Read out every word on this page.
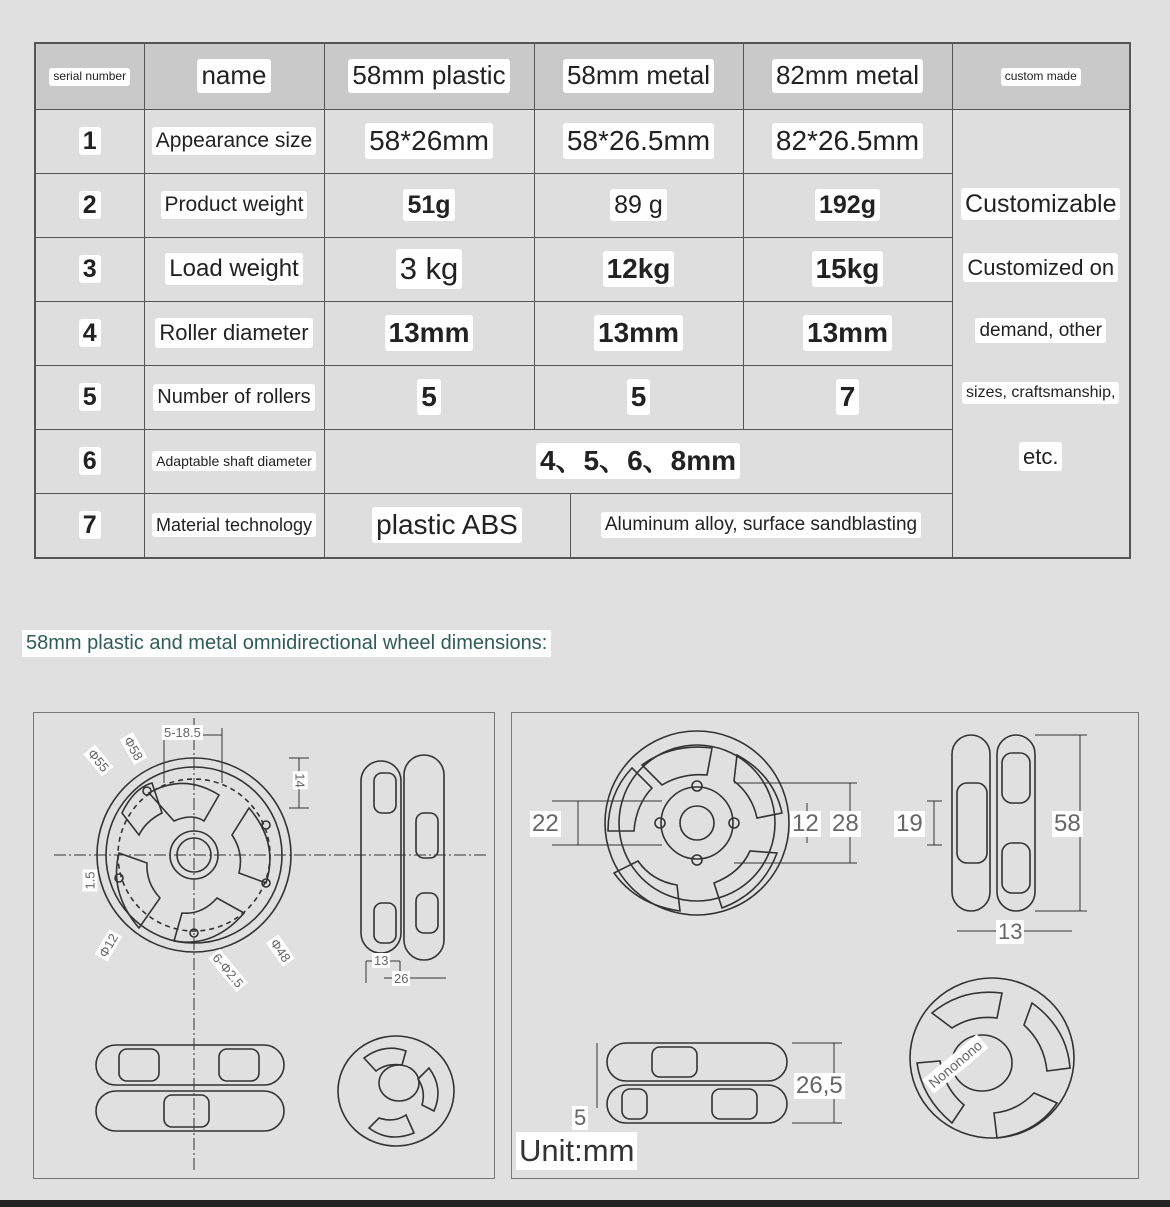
serial number	name	58mm plastic	58mm metal	82mm metal	custom made
1	Appearance size	58*26mm	58*26.5mm	82*26.5mm	Customizable
Customized on
demand, other
sizes, craftsmanship,
etc.

2	Product weight	51g	89 g	192g	
3	Load weight	3 kg	12kg	15kg	
4	Roller diameter	13mm	13mm	13mm	
5	Number of rollers	5	5	7	
6	Adaptable shaft diameter	4、5、6、8mm			
7	Material technology	plastic ABS Aluminum alloy, surface sandblasting			
58mm plastic and metal omnidirectional wheel dimensions:
5-18.5
Φ58
Φ55
14
1.5
Φ12
6-Φ2.5 Φ48	13
26
22	12 28 19	58
13
26,5
5
Unit:mm
Nononono
